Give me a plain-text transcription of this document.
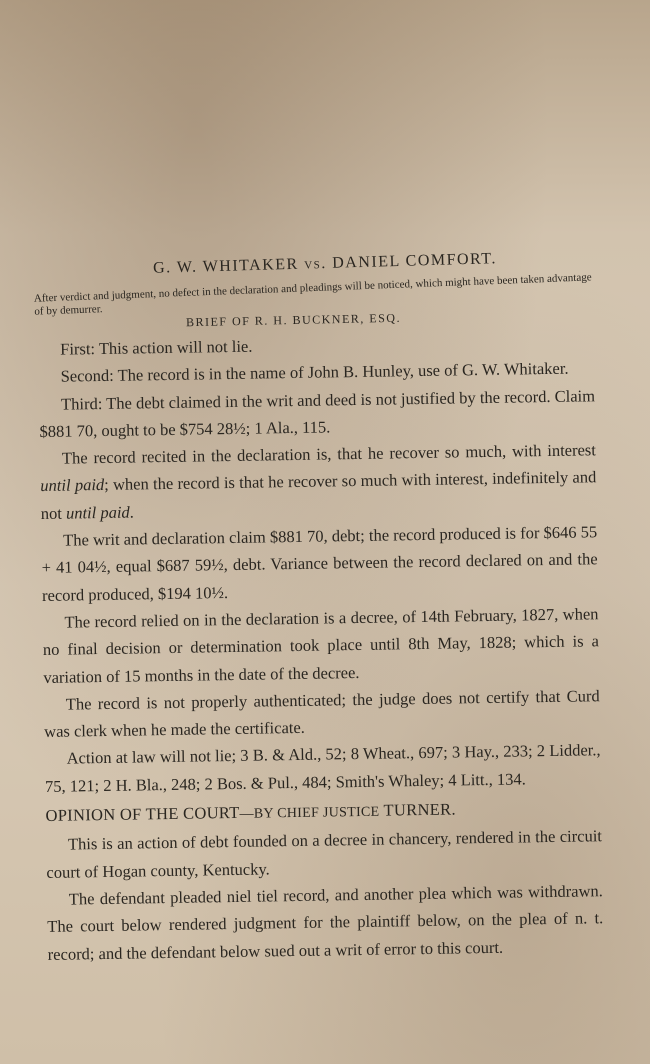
G. W. WHITAKER vs. DANIEL COMFORT.
After verdict and judgment, no defect in the declaration and pleadings will be noticed, which might have been taken advantage of by demurrer.
BRIEF OF R. H. BUCKNER, ESQ.

First: This action will not lie.

Second: The record is in the name of John B. Hunley, use of G. W. Whitaker.

Third: The debt claimed in the writ and deed is not justified by the record. Claim $881 70, ought to be $754 28½; 1 Ala., 115.

The record recited in the declaration is, that he recover so much, with interest until paid; when the record is that he recover so much with interest, indefinitely and not until paid.

The writ and declaration claim $881 70, debt; the record produced is for $646 55 + 41 04½, equal $687 59½, debt. Variance between the record declared on and the record produced, $194 10½.

The record relied on in the declaration is a decree, of 14th February, 1827, when no final decision or determination took place until 8th May, 1828; which is a variation of 15 months in the date of the decree.

The record is not properly authenticated; the judge does not certify that Curd was clerk when he made the certificate.

Action at law will not lie; 3 B. & Ald., 52; 8 Wheat., 697; 3 Hay., 233; 2 Lidder., 75, 121; 2 H. Bla., 248; 2 Bos. & Pul., 484; Smith's Whaley; 4 Litt., 134.

OPINION OF THE COURT—BY CHIEF JUSTICE TURNER.

This is an action of debt founded on a decree in chancery, rendered in the circuit court of Hogan county, Kentucky.

The defendant pleaded niel tiel record, and another plea which was withdrawn. The court below rendered judgment for the plaintiff below, on the plea of n. t. record; and the defendant below sued out a writ of error to this court.
